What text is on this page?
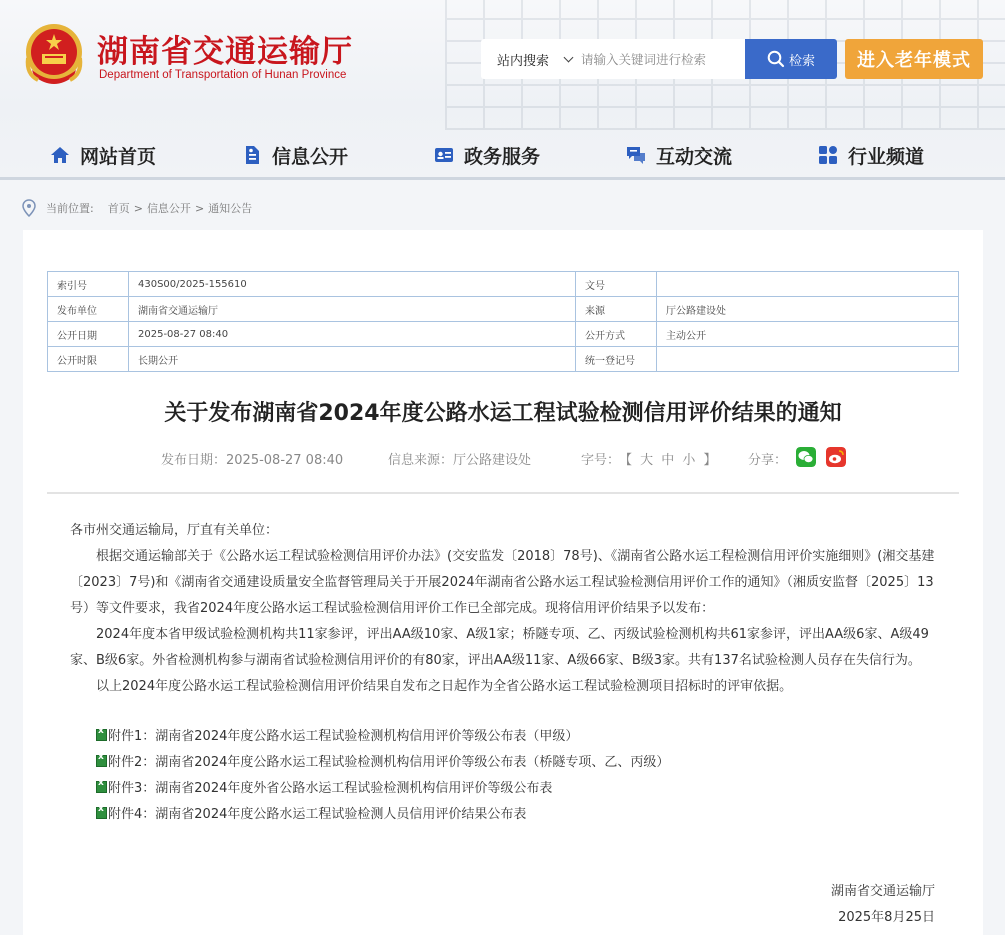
湖南省交通运输厅
Department of Transportation of Hunan Province
站内搜索
请输入关键词进行检索	检索	进入老年模式
网站首页	信息公开	政务服务	互动交流	行业频道
当前位置: 首页 > 信息公开 > 通知公告
索引号	430S00/2025-155610	文号	
发布单位	湖南省交通运输厅	来源	厅公路建设处
公开日期	2025-08-27 08:40	公开方式	主动公开
公开时限	长期公开	统一登记号	
关于发布湖南省2024年度公路水运工程试验检测信用评价结果的通知
发布日期：2025-08-27 08:40	信息来源：厅公路建设处	字号：
【 大 中 小 】 分享：

各市州交通运输局，厅直有关单位：

根据交通运输部关于《公路水运工程试验检测信用评价办法》(交安监发〔2018〕78号)、《湖南省公路水运工程检测信用评价实施细则》(湘交基建〔2023〕7号)和《湖南省交通建设质量安全监督管理局关于开展2024年湖南省公路水运工程试验检测信用评价工作的通知》（湘质安监督〔2025〕13号）等文件要求，我省2024年度公路水运工程试验检测信用评价工作已全部完成。现将信用评价结果予以发布：

2024年度本省甲级试验检测机构共11家参评，评出AA级10家、A级1家；桥隧专项、乙、丙级试验检测机构共61家参评，评出AA级6家、A级49家、B级6家。外省检测机构参与湖南省试验检测信用评价的有80家，评出AA级11家、A级66家、B级3家。共有137名试验检测人员存在失信行为。

以上2024年度公路水运工程试验检测信用评价结果自发布之日起作为全省公路水运工程试验检测项目招标时的评审依据。

x
附件1：湖南省2024年度公路水运工程试验检测机构信用评价等级公布表（甲级）
x
附件2：湖南省2024年度公路水运工程试验检测机构信用评价等级公布表（桥隧专项、乙、丙级）
x
附件3：湖南省2024年度外省公路水运工程试验检测机构信用评价等级公布表
x
附件4：湖南省2024年度公路水运工程试验检测人员信用评价结果公布表
湖南省交通运输厅
2025年8月25日
